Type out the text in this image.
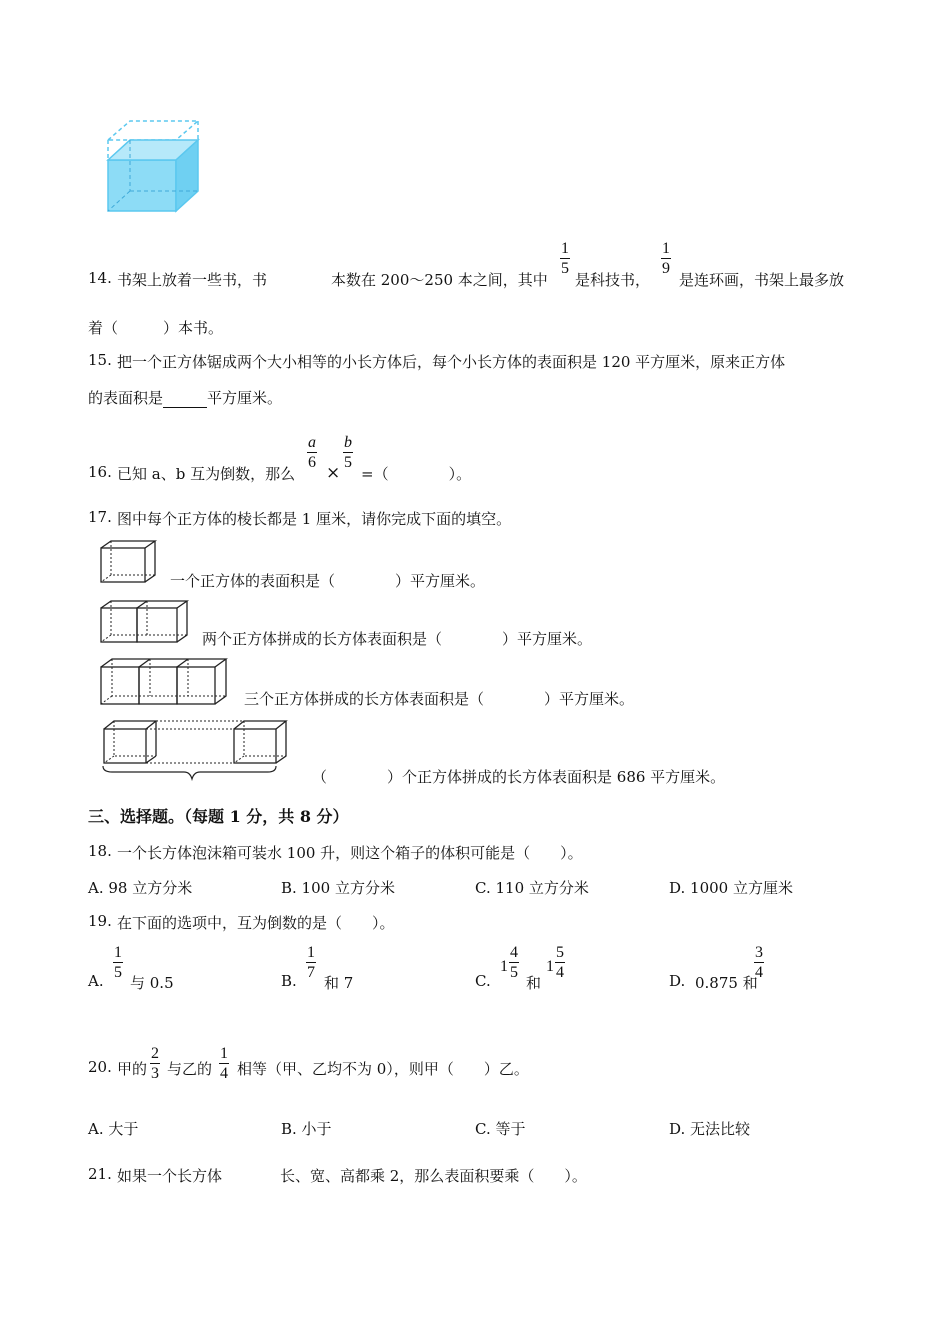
14. 书架上放着一些书，书	本数在 200～250 本之间，其中
1
5
是科技书，
1
9
是连环画，书架上最多放
着（　　　）本书。
15. 把一个正方体锯成两个大小相等的小长方体后，每个小长方体的表面积是 120 平方厘米，原来正方体
的表面积是	平方厘米。
16. 已知 a、b 互为倒数，那么
a
6
×
b
5
=（　　　　）。
17. 图中每个正方体的棱长都是 1 厘米，请你完成下面的填空。
一个正方体的表面积是（　　　　）平方厘米。
两个正方体拼成的长方体表面积是（　　　　）平方厘米。
三个正方体拼成的长方体表面积是（　　　　）平方厘米。
（　　　　）个正方体拼成的长方体表面积是 686 平方厘米。
三、选择题。（每题 1 分，共 8 分）
18. 一个长方体泡沫箱可装水 100 升，则这个箱子的体积可能是（　　）。
A. 98 立方分米	B. 100 立方分米	C. 110 立方分米	D. 1000 立方厘米
19. 在下面的选项中，互为倒数的是（　　）。
A.
1
5
与 0.5	B.
1
7
和 7	C.
1
4
5
和
1
5
4	D. 0.875 和
3
4
20. 甲的
2
3 与乙的
1
4 相等（甲、乙均不为 0），则甲（　　）乙。
A. 大于	B. 小于	C. 等于	D. 无法比较
21. 如果一个长方体	长、宽、高都乘 2，那么表面积要乘（　　）。
